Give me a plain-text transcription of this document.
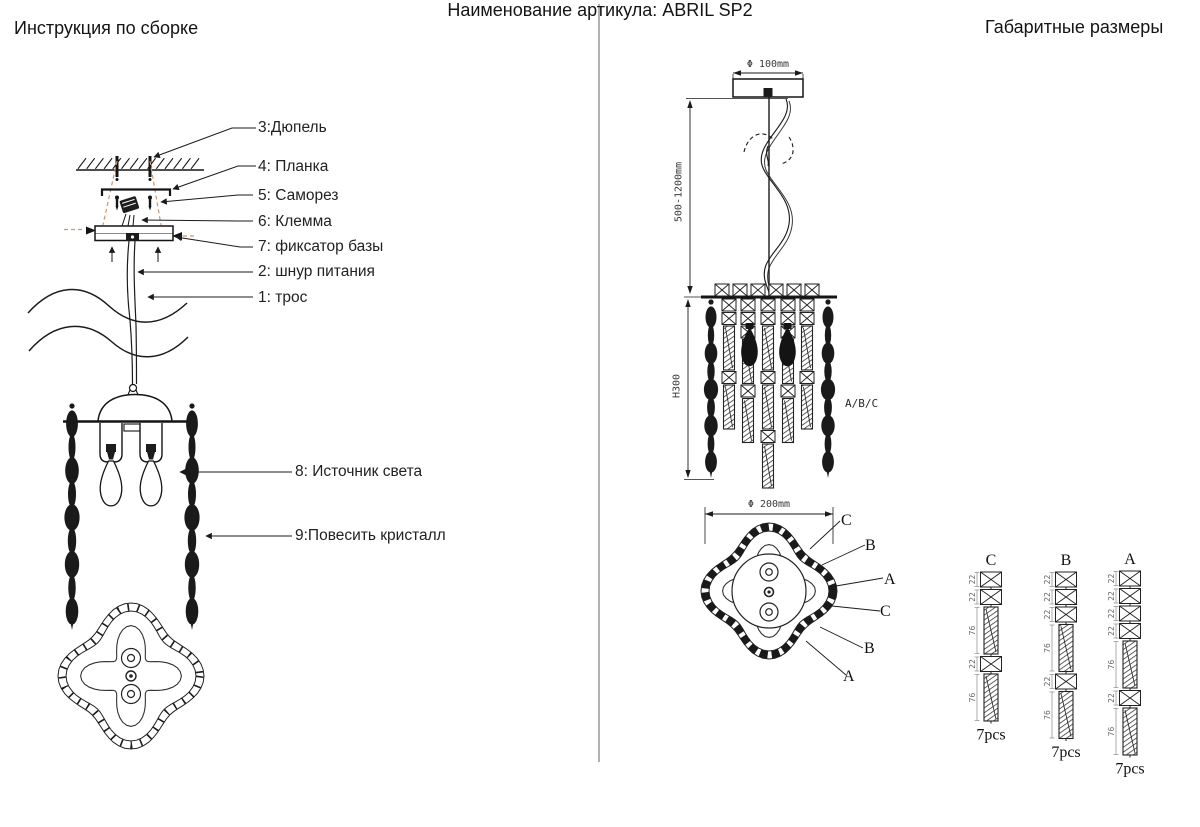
C
22
22
76
22
76
7pcs
B
22
22
22
76
22
76
7pcs
A
22
22
22
22
76
22
76
7pcs
Инструкция по сборке	Габаритные размеры
Наименование артикула: ABRIL SP2
3:Дюпель
4: Планка
5: Саморез
6: Клемма
7: фиксатор базы
2: шнур питания
1: трос
8: Источник света
9:Повесить кристалл
Φ 100mm
500-1200mm
H300
A/B/C
Φ 200mm
C
B
A
C
B
A
